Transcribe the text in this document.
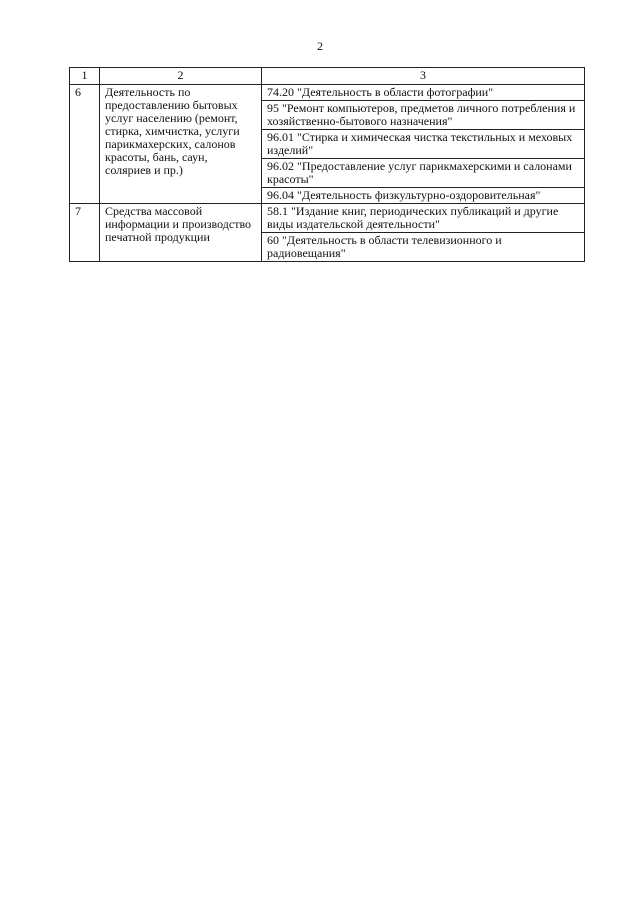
2
1	2	3
6	Деятельность по предоставлению бытовых услуг населению (ремонт, стирка, химчистка, услуги парикмахерских, салонов красоты, бань, саун, соляриев и пр.)	74.20 "Деятельность в области фотографии"
		95 "Ремонт компьютеров, предметов личного потребления и хозяйственно-бытового назначения"
		96.01 "Стирка и химическая чистка текстильных и меховых изделий"
		96.02 "Предоставление услуг парикмахерскими и салонами красоты"
		96.04 "Деятельность физкультурно-оздоровительная"
7	Средства массовой информации и производство печатной продукции	58.1 "Издание книг, периодических публикаций и другие виды издательской деятельности"
		60 "Деятельность в области телевизионного и радиовещания"
